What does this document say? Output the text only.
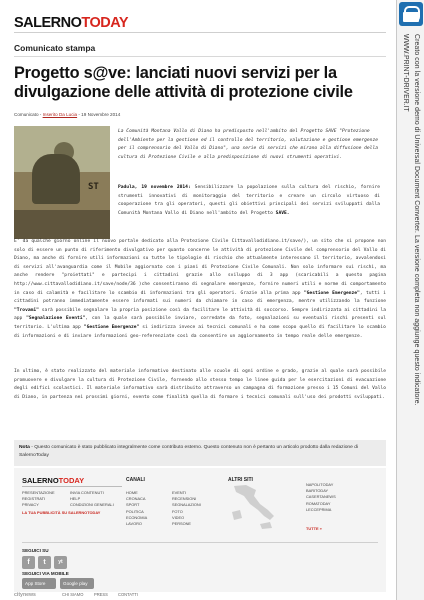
SALERNOTODAY
Comunicato stampa
Progetto s@ve: lanciati nuovi servizi per la divulgazione delle attività di protezione civile
Comunicato - Inserito Da Lucia - 19 Novembre 2014
ST
La Comunità Montana Vallo di Diano ha predisposto nell'ambito del Progetto SAVE "Protezione dell'Ambiente per la gestione ed il controllo del territorio, valutazione e gestione emergenze per il comprensorio del Vallo di Diano", una serie di servizi che mirano alla diffusione della cultura di Protezione Civile e alla predisposizione di nuovi strumenti operativi.
Padula, 19 novembre 2014: Sensibilizzare la popolazione sulla cultura del rischio, fornire strumenti innovativi di monitoraggio del territorio e creare un circolo virtuoso di cooperazione tra gli operatori, questi gli obiettivi principali dei servizi sviluppati dalla Comunità Montana Vallo di Diano nell'ambito del Progetto SAVE.
E' da qualche giorno online il nuovo portale dedicato alla Protezione Civile Cittavallodidiano.it/save/), un sito che si propone non solo di essere un punto di riferimento divulgativo per quanto concerne le attività di protezione Civile del comprensorio del Vallo di Diano, ma anche di fornire utili informazioni su tutte le tipologie di rischio che attualmente interessano il territorio, avvalendosi di servizi all'avanguardia come il Mobile aggiornato con i piani di Protezione Civile Comunali. Non solo informare sui rischi, ma anche rendere "proiettati" e partecipi i cittadini grazie allo sviluppo di 3 app (scaricabili a questo pagina http://www.cittavallodidiano.it/save/node/36 )che consentiranno di segnalare emergenze, fornire numeri utili e norme di comportamento in caso di calamità e facilitare lo scambio di informazioni tra gli operatori. Grazie alla prima app "Gestione Emergenze", tutti i cittadini potranno immediatamente essere informati sui numeri da chiamare in caso di emergenza, mentre utilizzando la funzione "Trovami" sarà possibile segnalare la propria posizione così da facilitare le attività di soccorso. Sempre indirizzata ai cittadini la app "Segnalazione Eventi", con la quale sarà possibile inviare, corredate da foto, segnalazioni su eventuali rischi presenti sul territorio. L'ultima app "Gestione Emergenze" si indirizza invece ai tecnici comunali e ha come scopo quello di facilitare lo scambio di informazioni e di inviare informazioni geo-referenziate così da consentire un aggiornamento in tempo reale delle emergenze.
In ultimo, è stato realizzato del materiale informativo destinato alle scuole di ogni ordine e grado, grazie al quale sarà possibile promuovere e divulgare la cultura di Protezione Civile, fornendo allo stesso tempo le linee guida per le esercitazioni di evacuazione degli edifici scolastici. Il materiale informativo sarà distribuito attraverso un campagna di formazione presso i 15 Comuni del Vallo di Diano, in partenza nei prossimi giorni, evento come finalità quella di formare i tecnici comunali sull'uso dei prodotti sviluppati.
Nota - Questo comunicato è stato pubblicato integralmente come contributo esterno. Questo contenuto non è pertanto un articolo prodotto dalla redazione di SalernoToday
SALERNOTODAY
PRESENTAZIONE
REGISTRATI
PRIVACY
INVIA CONTENUTI
HELP
CONDIZIONI GENERALI
LA TUA PUBBLICITÀ SU SALERNOTODAY
CANALI
HOME
CRONACA
SPORT
POLITICA
ECONOMIA
LAVORO
EVENTI
RECENSIONI
SEGNALAZIONI
FOTO
VIDEO
PERSONE
ALTRI SITI
NAPOLITODAY
BARITODAY
CASERTANEWS
ROMATODAY
LECCEPRIMA
TUTTE »
SEGUICI SU
f	t	yt
SEGUICI VIA MOBILE
App Store	Google play
citynews	CHI SIAMO	PRESS CONTATTI
Creato con la versione demo di Universal Document Converter. La versione completa non aggiunge questo indicatore.
WWW.PRINT-DRIVER.IT
